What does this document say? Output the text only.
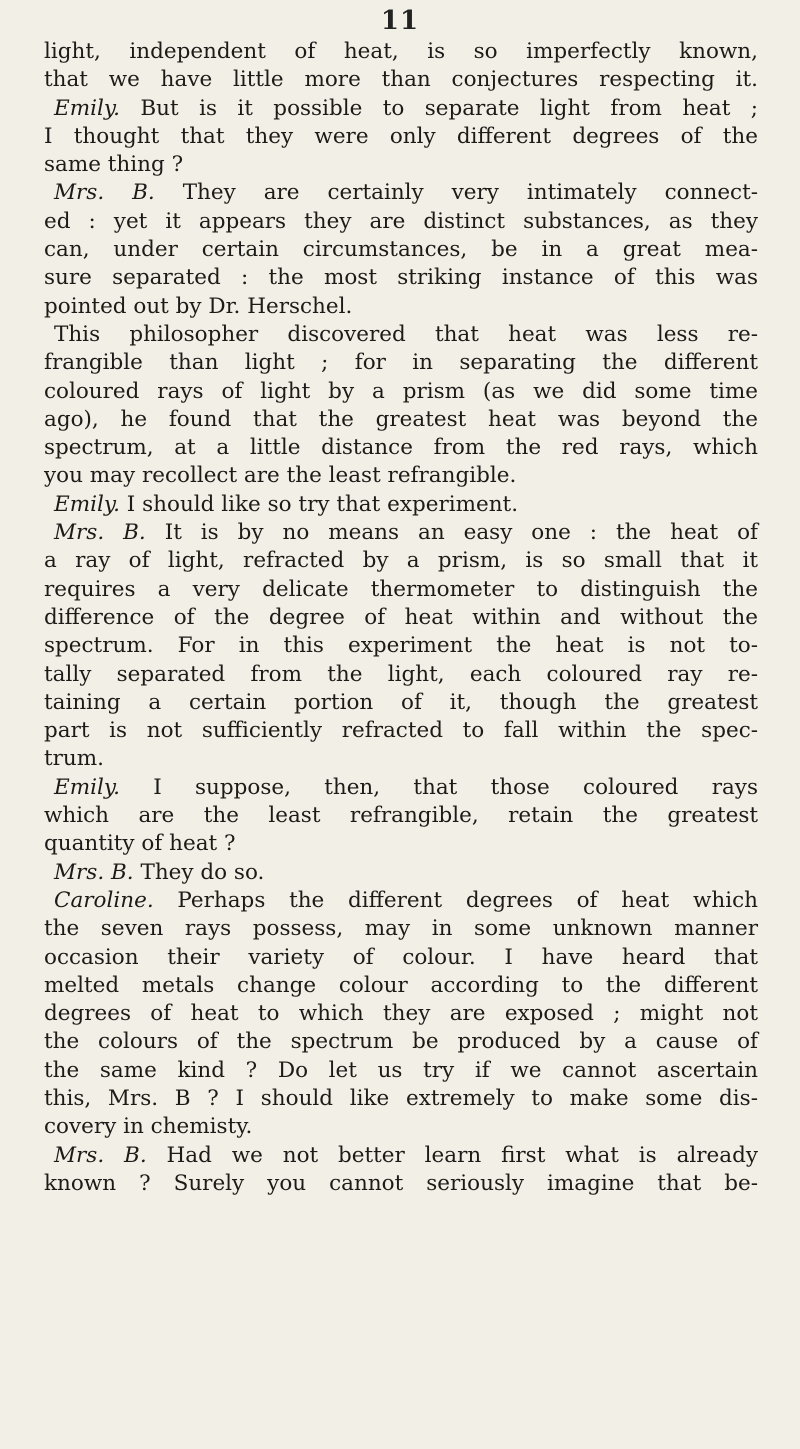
11
light, independent of heat, is so imperfectly known,
that we have little more than conjectures respecting it.
Emily. But is it possible to separate light from heat ;
I thought that they were only different degrees of the
same thing ?
Mrs. B. They are certainly very intimately connect-
ed : yet it appears they are distinct substances, as they
can, under certain circumstances, be in a great mea-
sure separated : the most striking instance of this was
pointed out by Dr. Herschel.
This philosopher discovered that heat was less re-
frangible than light ; for in separating the different
coloured rays of light by a prism (as we did some time
ago), he found that the greatest heat was beyond the
spectrum, at a little distance from the red rays, which
you may recollect are the least refrangible.
Emily. I should like so try that experiment.
Mrs. B. It is by no means an easy one : the heat of
a ray of light, refracted by a prism, is so small that it
requires a very delicate thermometer to distinguish the
difference of the degree of heat within and without the
spectrum. For in this experiment the heat is not to-
tally separated from the light, each coloured ray re-
taining a certain portion of it, though the greatest
part is not sufficiently refracted to fall within the spec-
trum.
Emily. I suppose, then, that those coloured rays
which are the least refrangible, retain the greatest
quantity of heat ?
Mrs. B. They do so.
Caroline. Perhaps the different degrees of heat which
the seven rays possess, may in some unknown manner
occasion their variety of colour. I have heard that
melted metals change colour according to the different
degrees of heat to which they are exposed ; might not
the colours of the spectrum be produced by a cause of
the same kind ? Do let us try if we cannot ascertain
this, Mrs. B ? I should like extremely to make some dis-
covery in chemisty.
Mrs. B. Had we not better learn first what is already
known ? Surely you cannot seriously imagine that be-
